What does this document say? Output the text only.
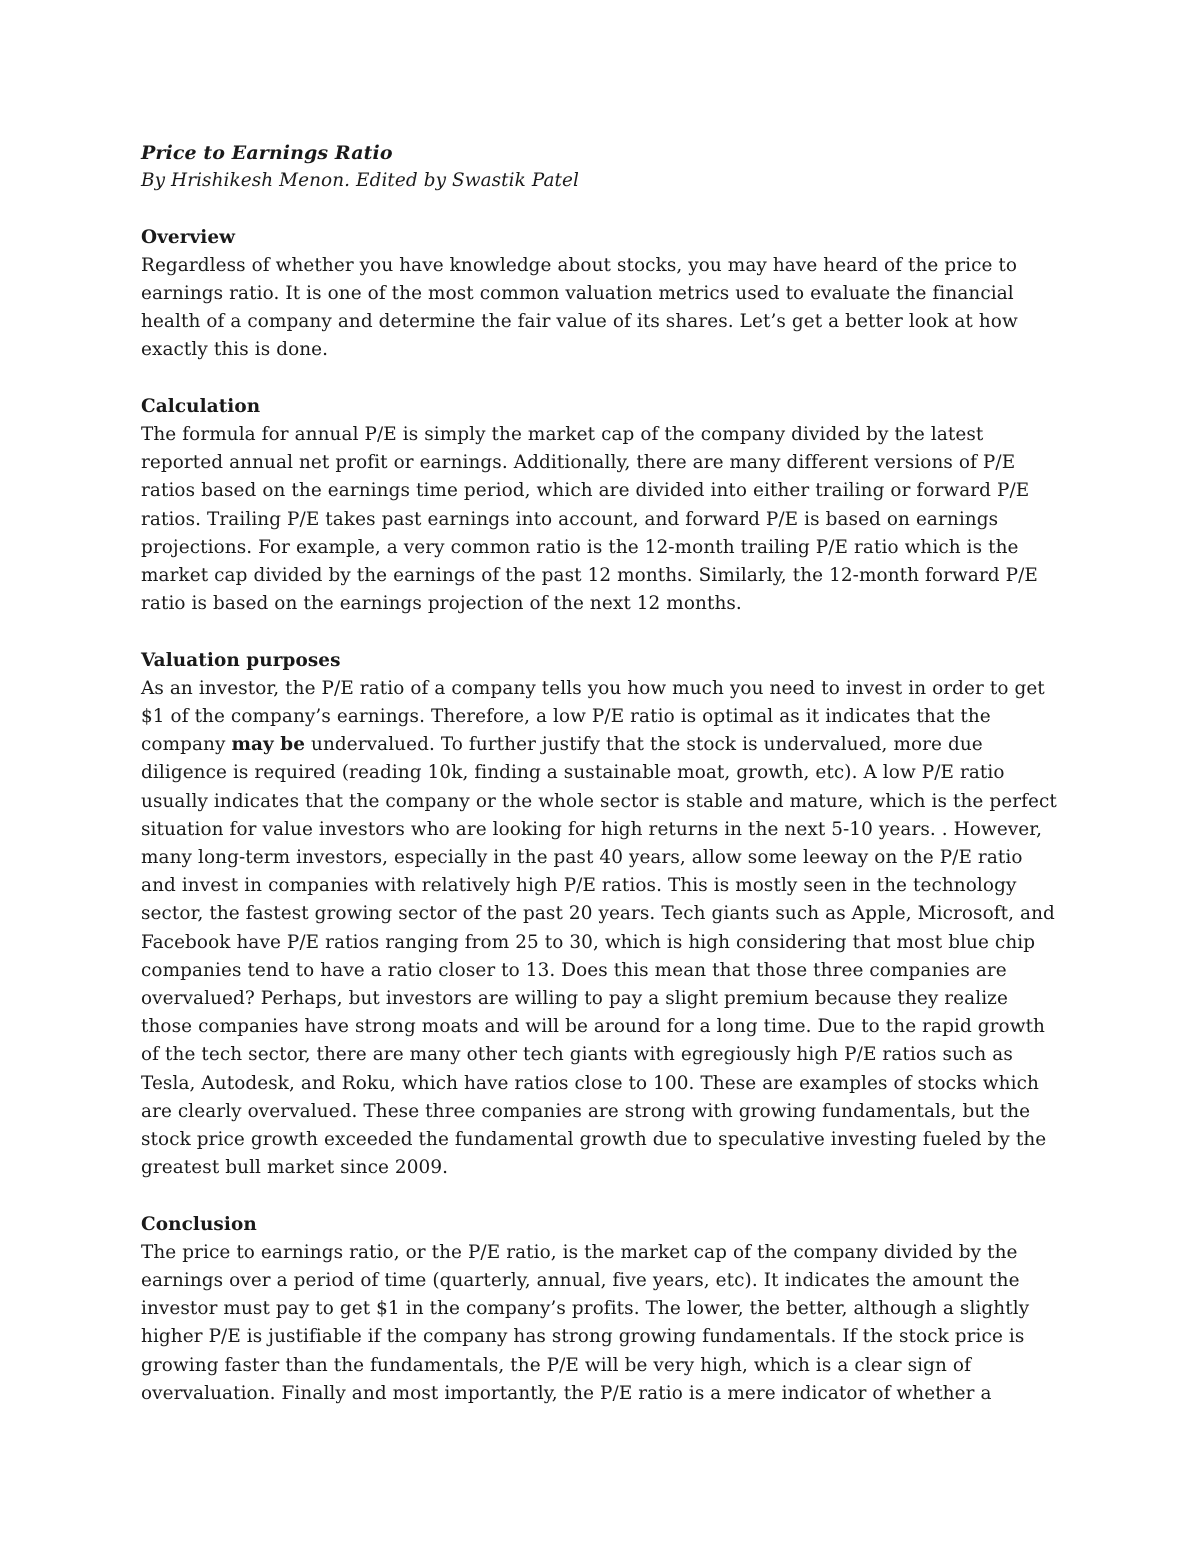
Price to Earnings Ratio

By Hrishikesh Menon. Edited by Swastik Patel

Overview

Regardless of whether you have knowledge about stocks, you may have heard of the price to
earnings ratio. It is one of the most common valuation metrics used to evaluate the financial
health of a company and determine the fair value of its shares. Let’s get a better look at how
exactly this is done.

Calculation

The formula for annual P/E is simply the market cap of the company divided by the latest
reported annual net profit or earnings. Additionally, there are many different versions of P/E
ratios based on the earnings time period, which are divided into either trailing or forward P/E
ratios. Trailing P/E takes past earnings into account, and forward P/E is based on earnings
projections. For example, a very common ratio is the 12-month trailing P/E ratio which is the
market cap divided by the earnings of the past 12 months. Similarly, the 12-month forward P/E
ratio is based on the earnings projection of the next 12 months.

Valuation purposes

As an investor, the P/E ratio of a company tells you how much you need to invest in order to get
$1 of the company’s earnings. Therefore, a low P/E ratio is optimal as it indicates that the
company may be undervalued. To further justify that the stock is undervalued, more due
diligence is required (reading 10k, finding a sustainable moat, growth, etc). A low P/E ratio
usually indicates that the company or the whole sector is stable and mature, which is the perfect
situation for value investors who are looking for high returns in the next 5-10 years. . However,
many long-term investors, especially in the past 40 years, allow some leeway on the P/E ratio
and invest in companies with relatively high P/E ratios. This is mostly seen in the technology
sector, the fastest growing sector of the past 20 years. Tech giants such as Apple, Microsoft, and
Facebook have P/E ratios ranging from 25 to 30, which is high considering that most blue chip
companies tend to have a ratio closer to 13. Does this mean that those three companies are
overvalued? Perhaps, but investors are willing to pay a slight premium because they realize
those companies have strong moats and will be around for a long time. Due to the rapid growth
of the tech sector, there are many other tech giants with egregiously high P/E ratios such as
Tesla, Autodesk, and Roku, which have ratios close to 100. These are examples of stocks which
are clearly overvalued. These three companies are strong with growing fundamentals, but the
stock price growth exceeded the fundamental growth due to speculative investing fueled by the
greatest bull market since 2009.

Conclusion

The price to earnings ratio, or the P/E ratio, is the market cap of the company divided by the
earnings over a period of time (quarterly, annual, five years, etc). It indicates the amount the
investor must pay to get $1 in the company’s profits. The lower, the better, although a slightly
higher P/E is justifiable if the company has strong growing fundamentals. If the stock price is
growing faster than the fundamentals, the P/E will be very high, which is a clear sign of
overvaluation. Finally and most importantly, the P/E ratio is a mere indicator of whether a
